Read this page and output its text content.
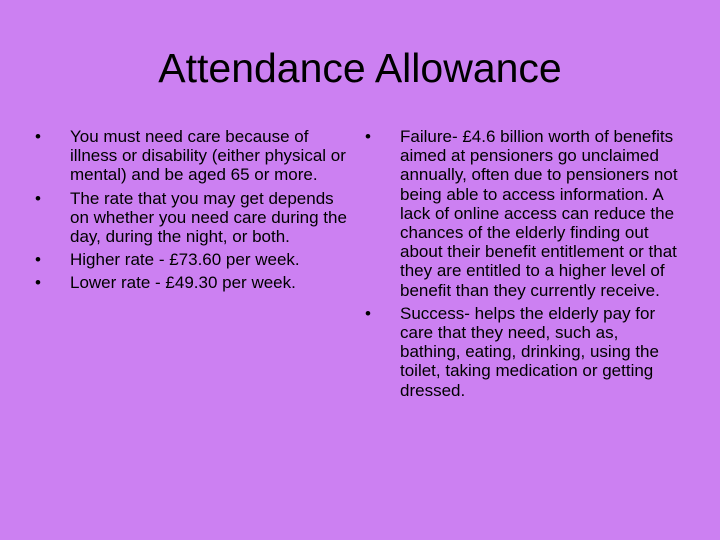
Attendance Allowance
•	You must need care because of illness or disability (either physical or mental) and be aged 65 or more.
•	The rate that you may get depends on whether you need care during the day, during the night, or both.
•	Higher rate - £73.60 per week.
•	Lower rate - £49.30 per week.
•	Failure- £4.6 billion worth of benefits aimed at pensioners go unclaimed annually, often due to pensioners not being able to access information. A lack of online access can reduce the chances of the elderly finding out about their benefit entitlement or that they are entitled to a higher level of benefit than they currently receive.
•	Success- helps the elderly pay for care that they need, such as, bathing, eating, drinking, using the toilet, taking medication or getting dressed.
